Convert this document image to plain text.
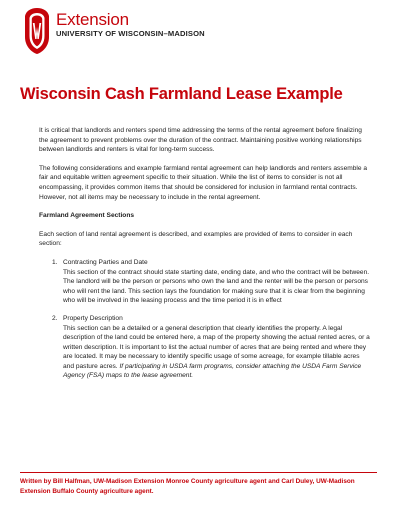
Extension
UNIVERSITY OF WISCONSIN–MADISON
Wisconsin Cash Farmland Lease Example

It is critical that landlords and renters spend time addressing the terms of the rental agreement before finalizing the agreement to prevent problems over the duration of the contract. Maintaining positive working relationships between landlords and renters is vital for long-term success.

The following considerations and example farmland rental agreement can help landlords and renters assemble a fair and equitable written agreement specific to their situation. While the list of items to consider is not all encompassing, it provides common items that should be considered for inclusion in farmland rental contracts. However, not all items may be necessary to include in the rental agreement.

Farmland Agreement Sections

Each section of land rental agreement is described, and examples are provided of items to consider in each section:

1. Contracting Parties and Date
This section of the contract should state starting date, ending date, and who the contract will be between. The landlord will be the person or persons who own the land and the renter will be the person or persons who will rent the land. This section lays the foundation for making sure that it is clear from the beginning who will be involved in the leasing process and the time period it is in effect
2. Property Description
This section can be a detailed or a general description that clearly identifies the property. A legal description of the land could be entered here, a map of the property showing the actual rented acres, or a written description. It is important to list the actual number of acres that are being rented and where they are located. It may be necessary to identify specific usage of some acreage, for example tillable acres and pasture acres. If participating in USDA farm programs, consider attaching the USDA Farm Service Agency (FSA) maps to the lease agreement.
Written by Bill Halfman, UW-Madison Extension Monroe County agriculture agent and Carl Duley, UW-Madison Extension Buffalo County agriculture agent.
